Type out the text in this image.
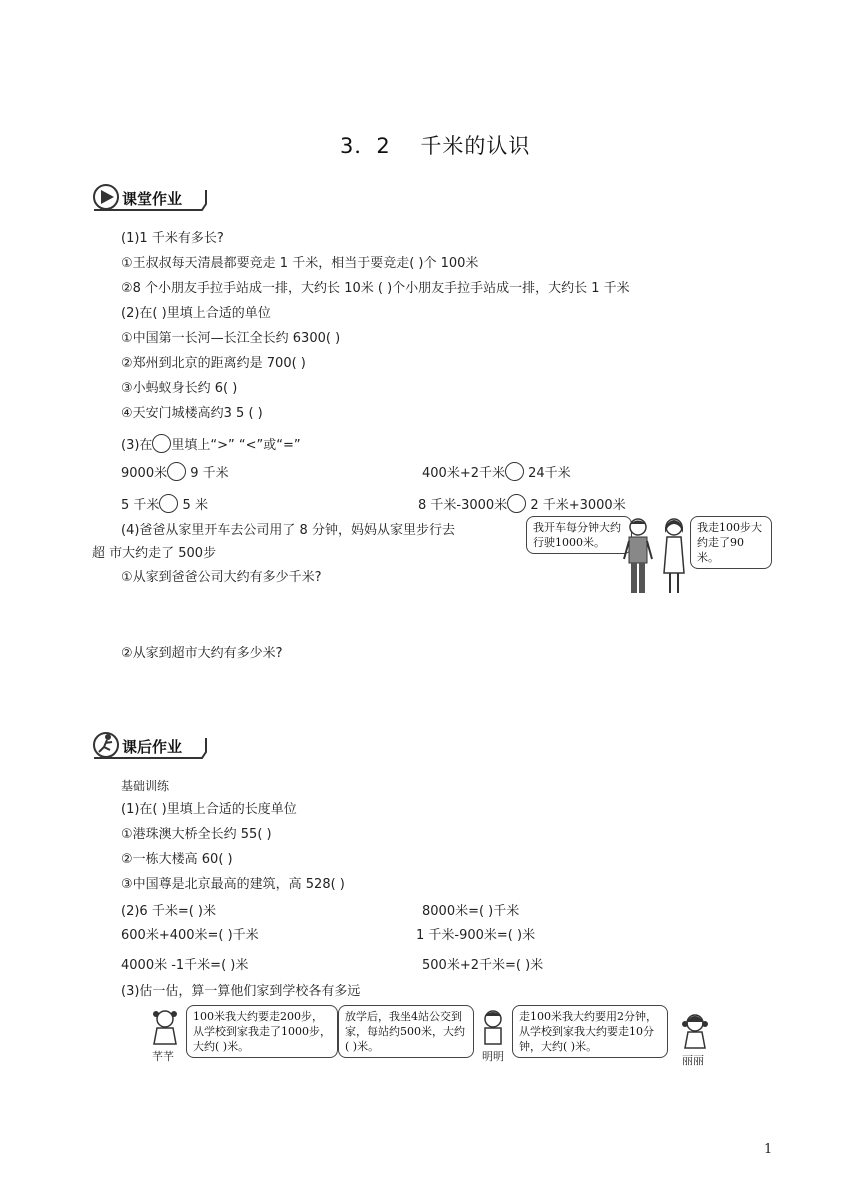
3．2　 千米的认识
课堂作业
(1)1 千米有多长?
①王叔叔每天清晨都要竞走 1 千米，相当于要竞走( )个 100米
②8 个小朋友手拉手站成一排，大约长 10米 ( )个小朋友手拉手站成一排，大约长 1 千米
(2)在( )里填上合适的单位
①中国第一长河—长江全长约 6300( )
②郑州到北京的距离约是 700( )
③小蚂蚁身长约 6( )
④天安门城楼高约3 5 ( )
(3)在 里填上“>” “<”或“=”
9000米 9 千米	400米+2千米 24千米
5 千米 5 米	8 千米-3000米 2 千米+3000米
(4)爸爸从家里开车去公司用了 8 分钟，妈妈从家里步行去
超 市大约走了 500步
①从家到爸爸公司大约有多少千米?
②从家到超市大约有多少米?
我开车每分钟大约行驶1000米。
我走100步大约走了90米。
课后作业
基础训练
(1)在( )里填上合适的长度单位
①港珠澳大桥全长约 55( )
②一栋大楼高 60( )
③中国尊是北京最高的建筑，高 528( )
(2)6 千米=( )米	8000米=( )千米
600米+400米=( )千米	1 千米-900米=( )米
4000米 -1千米=( )米	500米+2千米=( )米
(3)估一估，算一算他们家到学校各有多远
芊芊
100米我大约要走200步，从学校到家我走了1000步，大约( )米。
放学后，我坐4站公交到家，每站约500米，大约( )米。
明明
走100米我大约要用2分钟，从学校到家我大约要走10分钟，大约( )米。
丽丽
1
